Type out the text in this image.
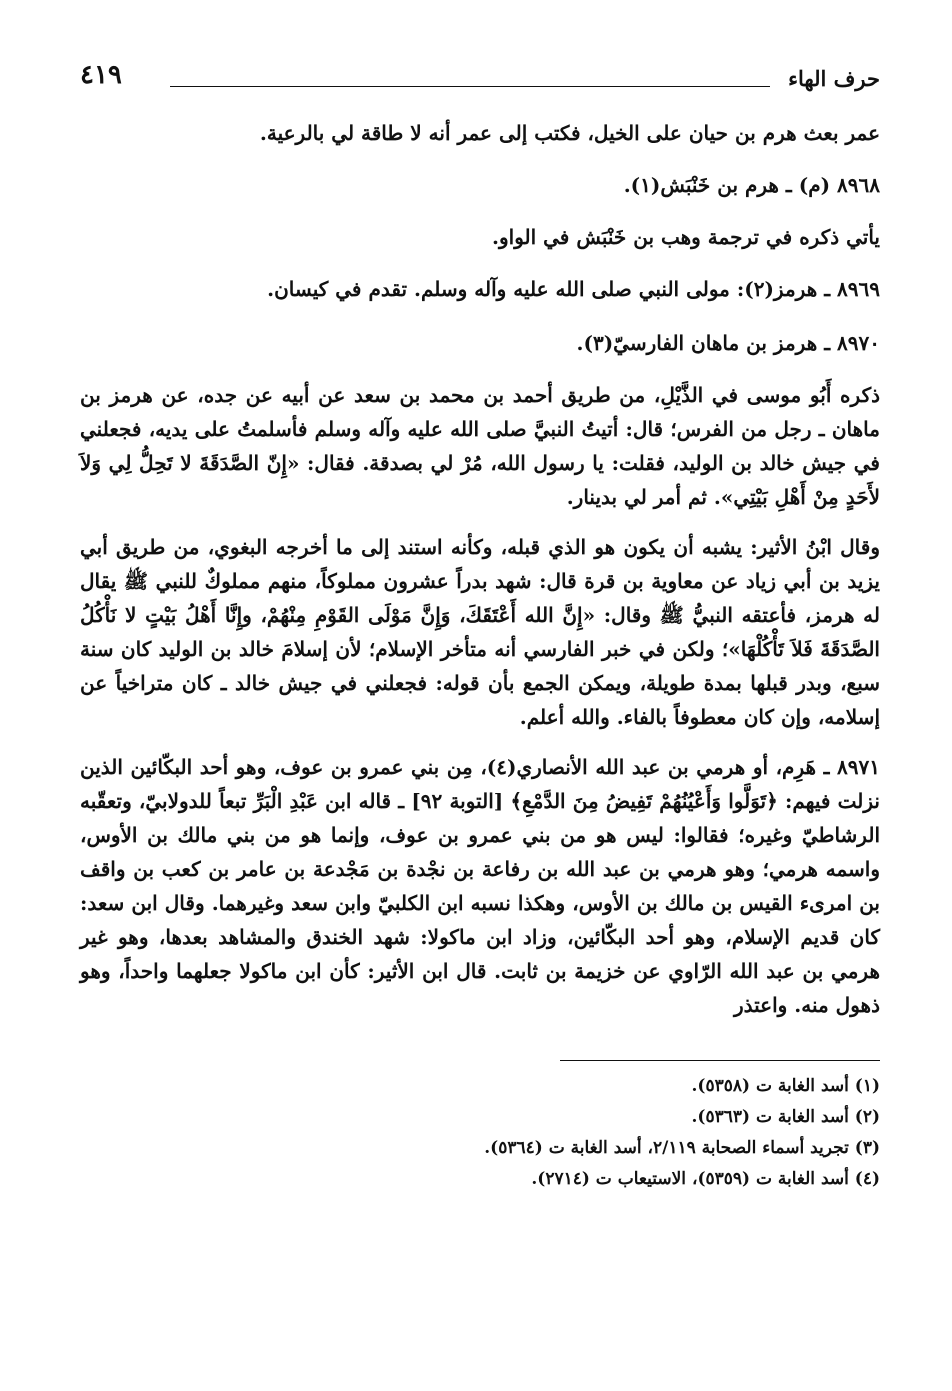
حرف الهاء
٤١٩

عمر بعث هرم بن حيان على الخيل، فكتب إلى عمر أنه لا طاقة لي بالرعية.

٨٩٦٨ (م) ـ هرم بن خَنْبَش(١).

يأتي ذكره في ترجمة وهب بن خَنْبَش في الواو.

٨٩٦٩ ـ هرمز(٢): مولى النبي صلى الله عليه وآله وسلم. تقدم في كيسان.

٨٩٧٠ ـ هرمز بن ماهان الفارسيّ(٣).

ذكره أَبُو موسى في الذَّيْلِ، من طريق أحمد بن محمد بن سعد عن أبيه عن جده، عن هرمز بن ماهان ـ رجل من الفرس؛ قال: أتيتُ النبيَّ صلى الله عليه وآله وسلم فأسلمتُ على يديه، فجعلني في جيش خالد بن الوليد، فقلت: يا رسول الله، مُرْ لي بصدقة. فقال: «إِنّ الصَّدَقَةَ لا تَحِلُّ لِي وَلاَ لأَحَدٍ مِنْ أَهْلِ بَيْتِي». ثم أمر لي بدينار.

وقال ابْنُ الأثير: يشبه أن يكون هو الذي قبله، وكأنه استند إلى ما أخرجه البغوي، من طريق أبي يزيد بن أبي زياد عن معاوية بن قرة قال: شهد بدراً عشرون مملوكاً، منهم مملوكٌ للنبي ﷺ يقال له هرمز، فأعتقه النبيُّ ﷺ وقال: «إِنَّ الله أَعْتَقَكَ، وَإِنَّ مَوْلَى القَوْمِ مِنْهُمْ، وإِنَّا أَهْلُ بَيْتٍ لا نَأْكُلُ الصَّدَقَةَ فَلاَ تَأْكُلْهَا»؛ ولكن في خبر الفارسي أنه متأخر الإسلام؛ لأن إسلامَ خالد بن الوليد كان سنة سبع، وبدر قبلها بمدة طويلة، ويمكن الجمع بأن قوله: فجعلني في جيش خالد ـ كان متراخياً عن إسلامه، وإن كان معطوفاً بالفاء. والله أعلم.

٨٩٧١ ـ هَرِم، أو هرمي بن عبد الله الأنصاري(٤)، مِن بني عمرو بن عوف، وهو أحد البكّائين الذين نزلت فيهم: ﴿تَوَلَّوا وَأَعْيُنُهُمْ تَفِيضُ مِنَ الدَّمْعِ﴾ [التوبة ٩٢] ـ قاله ابن عَبْدِ الْبَرِّ تبعاً للدولابيّ، وتعقّبه الرشاطيّ وغيره؛ فقالوا: ليس هو من بني عمرو بن عوف، وإنما هو من بني مالك بن الأوس، واسمه هرمي؛ وهو هرمي بن عبد الله بن رفاعة بن نجْدة بن مَجْدعة بن عامر بن كعب بن واقف بن امرىء القيس بن مالك بن الأوس، وهكذا نسبه ابن الكلبيّ وابن سعد وغيرهما. وقال ابن سعد: كان قديم الإسلام، وهو أحد البكّائين، وزاد ابن ماكولا: شهد الخندق والمشاهد بعدها، وهو غير هرمي بن عبد الله الرّاوي عن خزيمة بن ثابت. قال ابن الأثير: كأن ابن ماكولا جعلهما واحداً، وهو ذهول منه. واعتذر

(١) أسد الغابة ت (٥٣٥٨).
(٢) أسد الغابة ت (٥٣٦٣).
(٣) تجريد أسماء الصحابة ٢/١١٩، أسد الغابة ت (٥٣٦٤).
(٤) أسد الغابة ت (٥٣٥٩)، الاستيعاب ت (٢٧١٤).
